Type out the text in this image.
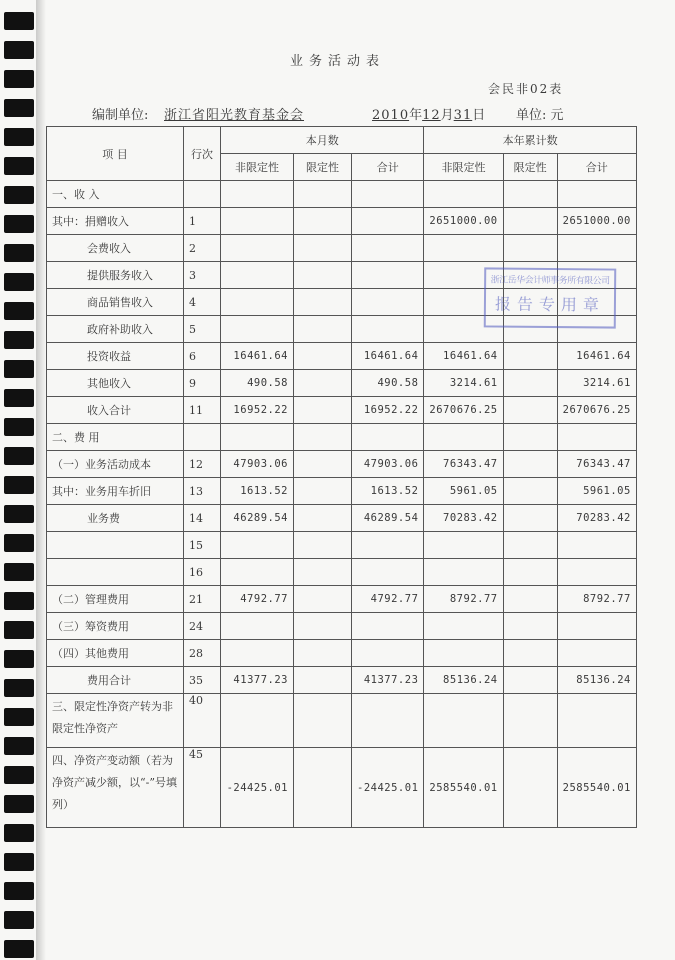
业务活动表
会民非02表
编制单位: 浙江省阳光教育基金会	2010年12月31日 单位: 元
项 目	行次	本月数			本年累计数		
		非限定性	限定性	合计	非限定性	限定性	合计
一、收 入							
其中：捐赠收入	1				2651000.00		2651000.00
会费收入	2						
提供服务收入	3						
商品销售收入	4						
政府补助收入	5						
投资收益	6	16461.64		16461.64	16461.64		16461.64
其他收入	9	490.58		490.58	3214.61		3214.61
收入合计	11	16952.22		16952.22	2670676.25		2670676.25
二、费 用							
（一）业务活动成本	12	47903.06		47903.06	76343.47		76343.47
其中：业务用车折旧	13	1613.52		1613.52	5961.05		5961.05
业务费	14	46289.54		46289.54	70283.42		70283.42
	15						
	16						
（二）管理费用	21	4792.77		4792.77	8792.77		8792.77
（三）筹资费用	24						
（四）其他费用	28						
费用合计	35	41377.23		41377.23	85136.24		85136.24
三、限定性净资产转为非限定性净资产	40						
四、净资产变动额（若为净资产减少额，以“-”号填列）	45	-24425.01		-24425.01	2585540.01		2585540.01
浙江岳华会计师事务所有限公司
报告专用章
